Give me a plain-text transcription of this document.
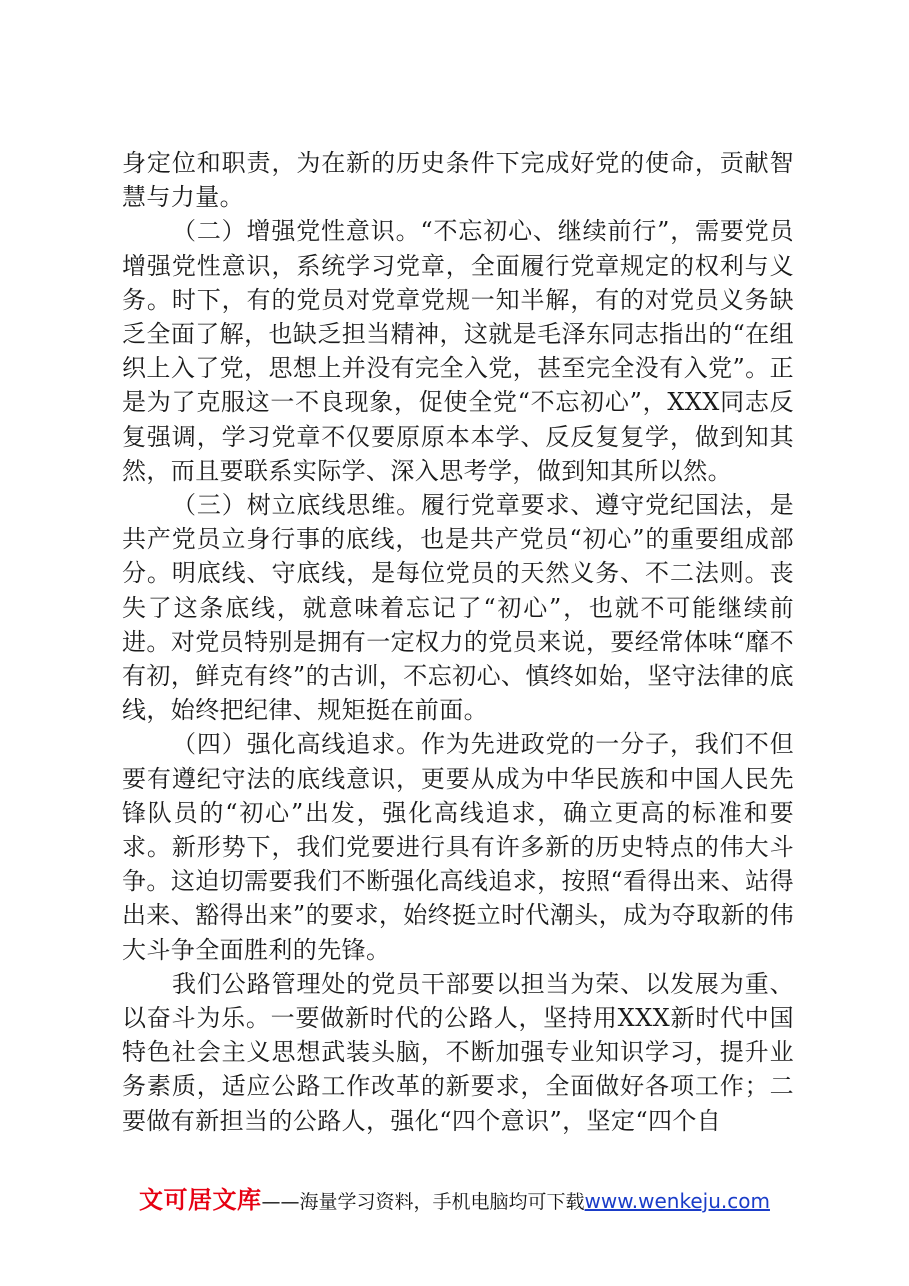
身定位和职责，为在新的历史条件下完成好党的使命，贡献智慧与力量。

（二）增强党性意识。“不忘初心、继续前行”，需要党员增强党性意识，系统学习党章，全面履行党章规定的权利与义务。时下，有的党员对党章党规一知半解，有的对党员义务缺乏全面了解，也缺乏担当精神，这就是毛泽东同志指出的“在组织上入了党，思想上并没有完全入党，甚至完全没有入党”。正是为了克服这一不良现象，促使全党“不忘初心”，XXX同志反复强调，学习党章不仅要原原本本学、反反复复学，做到知其然，而且要联系实际学、深入思考学，做到知其所以然。

（三）树立底线思维。履行党章要求、遵守党纪国法，是共产党员立身行事的底线，也是共产党员“初心”的重要组成部分。明底线、守底线，是每位党员的天然义务、不二法则。丧失了这条底线，就意味着忘记了“初心”，也就不可能继续前进。对党员特别是拥有一定权力的党员来说，要经常体味“靡不有初，鲜克有终”的古训，不忘初心、慎终如始，坚守法律的底线，始终把纪律、规矩挺在前面。

（四）强化高线追求。作为先进政党的一分子，我们不但要有遵纪守法的底线意识，更要从成为中华民族和中国人民先锋队员的“初心”出发，强化高线追求，确立更高的标准和要求。新形势下，我们党要进行具有许多新的历史特点的伟大斗争。这迫切需要我们不断强化高线追求，按照“看得出来、站得出来、豁得出来”的要求，始终挺立时代潮头，成为夺取新的伟大斗争全面胜利的先锋。

我们公路管理处的党员干部要以担当为荣、以发展为重、以奋斗为乐。一要做新时代的公路人，坚持用XXX新时代中国特色社会主义思想武装头脑，不断加强专业知识学习，提升业务素质，适应公路工作改革的新要求，全面做好各项工作；二要做有新担当的公路人，强化“四个意识”，坚定“四个自

文可居文库——海量学习资料，手机电脑均可下载www.wenkeju.com
